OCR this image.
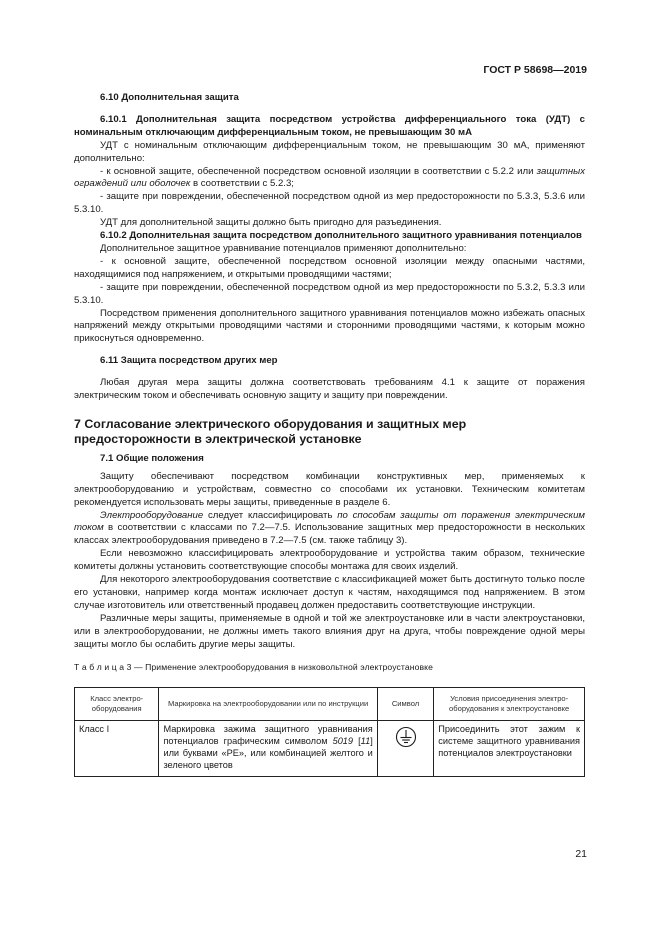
ГОСТ Р 58698—2019

6.10 Дополнительная защита

6.10.1 Дополнительная защита посредством устройства дифференциального тока (УДТ) с номинальным отключающим дифференциальным током, не превышающим 30 мА

УДТ с номинальным отключающим дифференциальным током, не превышающим 30 мА, применяют дополнительно:

- к основной защите, обеспеченной посредством основной изоляции в соответствии с 5.2.2 или защитных ограждений или оболочек в соответствии с 5.2.3;

- защите при повреждении, обеспеченной посредством одной из мер предосторожности по 5.3.3, 5.3.6 или 5.3.10.

УДТ для дополнительной защиты должно быть пригодно для разъединения.

6.10.2 Дополнительная защита посредством дополнительного защитного уравнивания потенциалов

Дополнительное защитное уравнивание потенциалов применяют дополнительно:

- к основной защите, обеспеченной посредством основной изоляции между опасными частями, находящимися под напряжением, и открытыми проводящими частями;

- защите при повреждении, обеспеченной посредством одной из мер предосторожности по 5.3.2, 5.3.3 или 5.3.10.

Посредством применения дополнительного защитного уравнивания потенциалов можно избежать опасных напряжений между открытыми проводящими частями и сторонними проводящими частями, к которым можно прикоснуться одновременно.

6.11 Защита посредством других мер

Любая другая мера защиты должна соответствовать требованиям 4.1 к защите от поражения электрическим током и обеспечивать основную защиту и защиту при повреждении.

7 Согласование электрического оборудования и защитных мер предосторожности в электрической установке

7.1 Общие положения

Защиту обеспечивают посредством комбинации конструктивных мер, применяемых к электрооборудованию и устройствам, совместно со способами их установки. Техническим комитетам рекомендуется использовать меры защиты, приведенные в разделе 6.

Электрооборудование следует классифицировать по способам защиты от поражения электрическим током в соответствии с классами по 7.2—7.5. Использование защитных мер предосторожности в нескольких классах электрооборудования приведено в 7.2—7.5 (см. также таблицу 3).

Если невозможно классифицировать электрооборудование и устройства таким образом, технические комитеты должны установить соответствующие способы монтажа для своих изделий.

Для некоторого электрооборудования соответствие с классификацией может быть достигнуто только после его установки, например когда монтаж исключает доступ к частям, находящимся под напряжением. В этом случае изготовитель или ответственный продавец должен предоставить соответствующие инструкции.

Различные меры защиты, применяемые в одной и той же электроустановке или в части электроустановки, или в электрооборудовании, не должны иметь такого влияния друг на друга, чтобы повреждение одной меры защиты могло бы ослабить другие меры защиты.

Т а б л и ц а 3 — Применение электрооборудования в низковольтной электроустановке

Класс электро-оборудования	Маркировка на электрооборудовании или по инструкции	Символ	Условия присоединения электро-оборудования к электроустановке
Класс I	Маркировка зажима защитного уравнивания потенциалов графическим символом 5019 [11] или буквами «PE», или комбинацией желтого и зеленого цветов		Присоединить этот зажим к системе защитного уравнивания потенциалов электроустановки
21
